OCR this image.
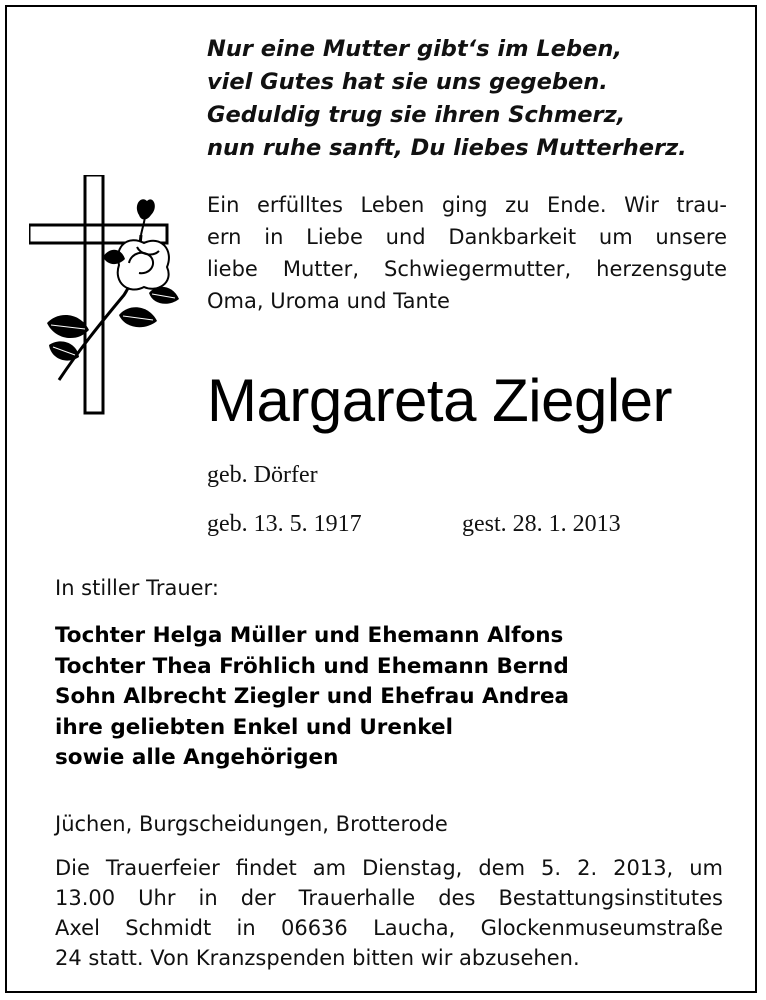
Nur eine Mutter gibt‘s im Leben,
viel Gutes hat sie uns gegeben.
Geduldig trug sie ihren Schmerz,
nun ruhe sanft, Du liebes Mutterherz.
Ein erfülltes Leben ging zu Ende. Wir trau-
ern in Liebe und Dankbarkeit um unsere
liebe Mutter, Schwiegermutter, herzensgute
Oma, Uroma und Tante
Margareta Ziegler
geb. Dörfer
geb. 13. 5. 1917	gest. 28. 1. 2013
In stiller Trauer:
Tochter Helga Müller und Ehemann Alfons
Tochter Thea Fröhlich und Ehemann Bernd
Sohn Albrecht Ziegler und Ehefrau Andrea
ihre geliebten Enkel und Urenkel
sowie alle Angehörigen
Jüchen, Burgscheidungen, Brotterode
Die Trauerfeier findet am Dienstag, dem 5. 2. 2013, um
13.00 Uhr in der Trauerhalle des Bestattungsinstitutes
Axel Schmidt in 06636 Laucha, Glockenmuseumstraße
24 statt. Von Kranzspenden bitten wir abzusehen.
